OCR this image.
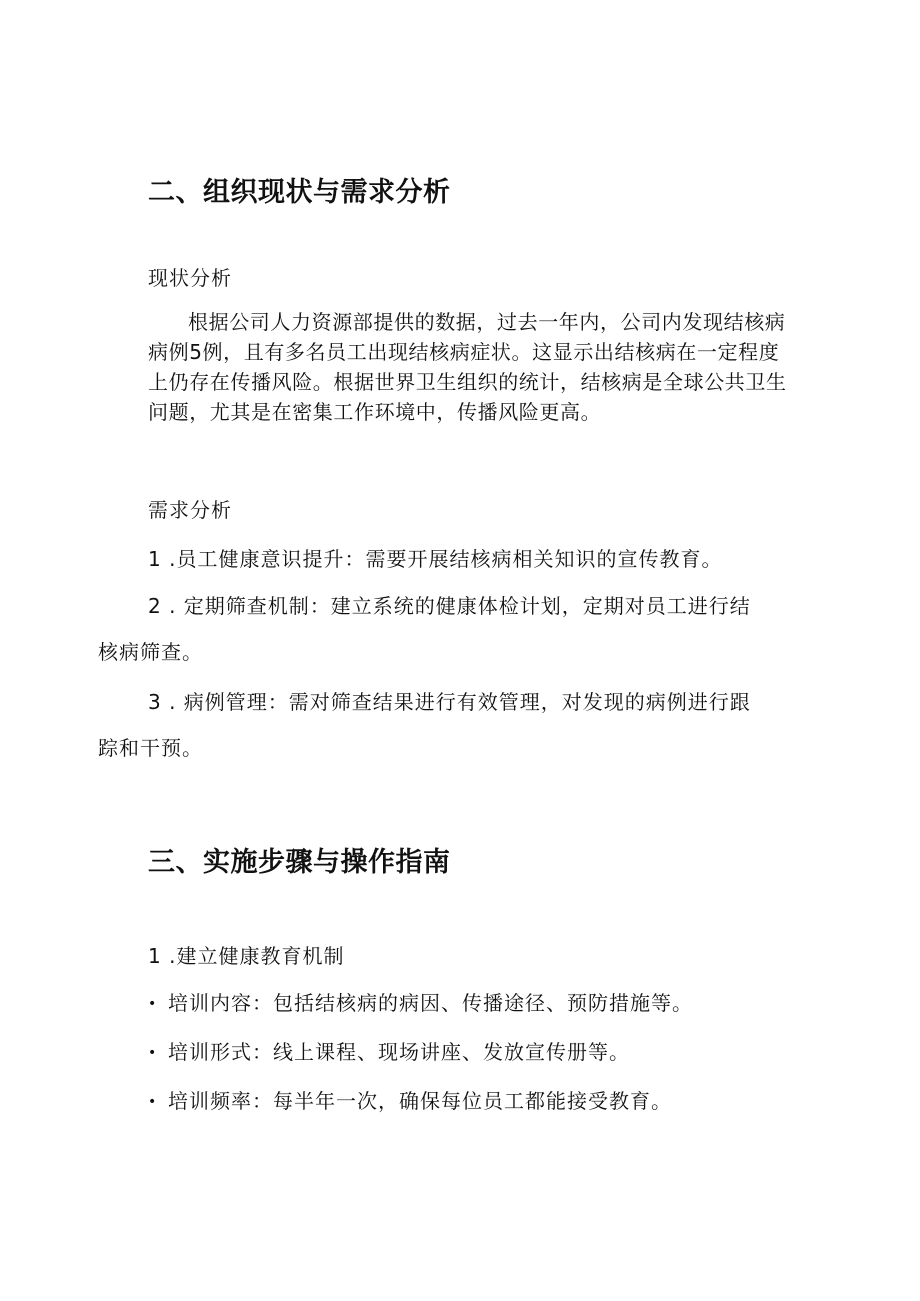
二、组织现状与需求分析

现状分析

根据公司人力资源部提供的数据，过去一年内，公司内发现结核病
病例5例，且有多名员工出现结核病症状。这显示出结核病在一定程度
上仍存在传播风险。根据世界卫生组织的统计，结核病是全球公共卫生
问题，尤其是在密集工作环境中，传播风险更高。

需求分析

1 .员工健康意识提升：需要开展结核病相关知识的宣传教育。

2 . 定期筛查机制：建立系统的健康体检计划，定期对员工进行结
核病筛查。
3 . 病例管理：需对筛查结果进行有效管理，对发现的病例进行跟
踪和干预。
三、实施步骤与操作指南

1 .建立健康教育机制

• 培训内容：包括结核病的病因、传播途径、预防措施等。

• 培训形式：线上课程、现场讲座、发放宣传册等。

• 培训频率：每半年一次，确保每位员工都能接受教育。
